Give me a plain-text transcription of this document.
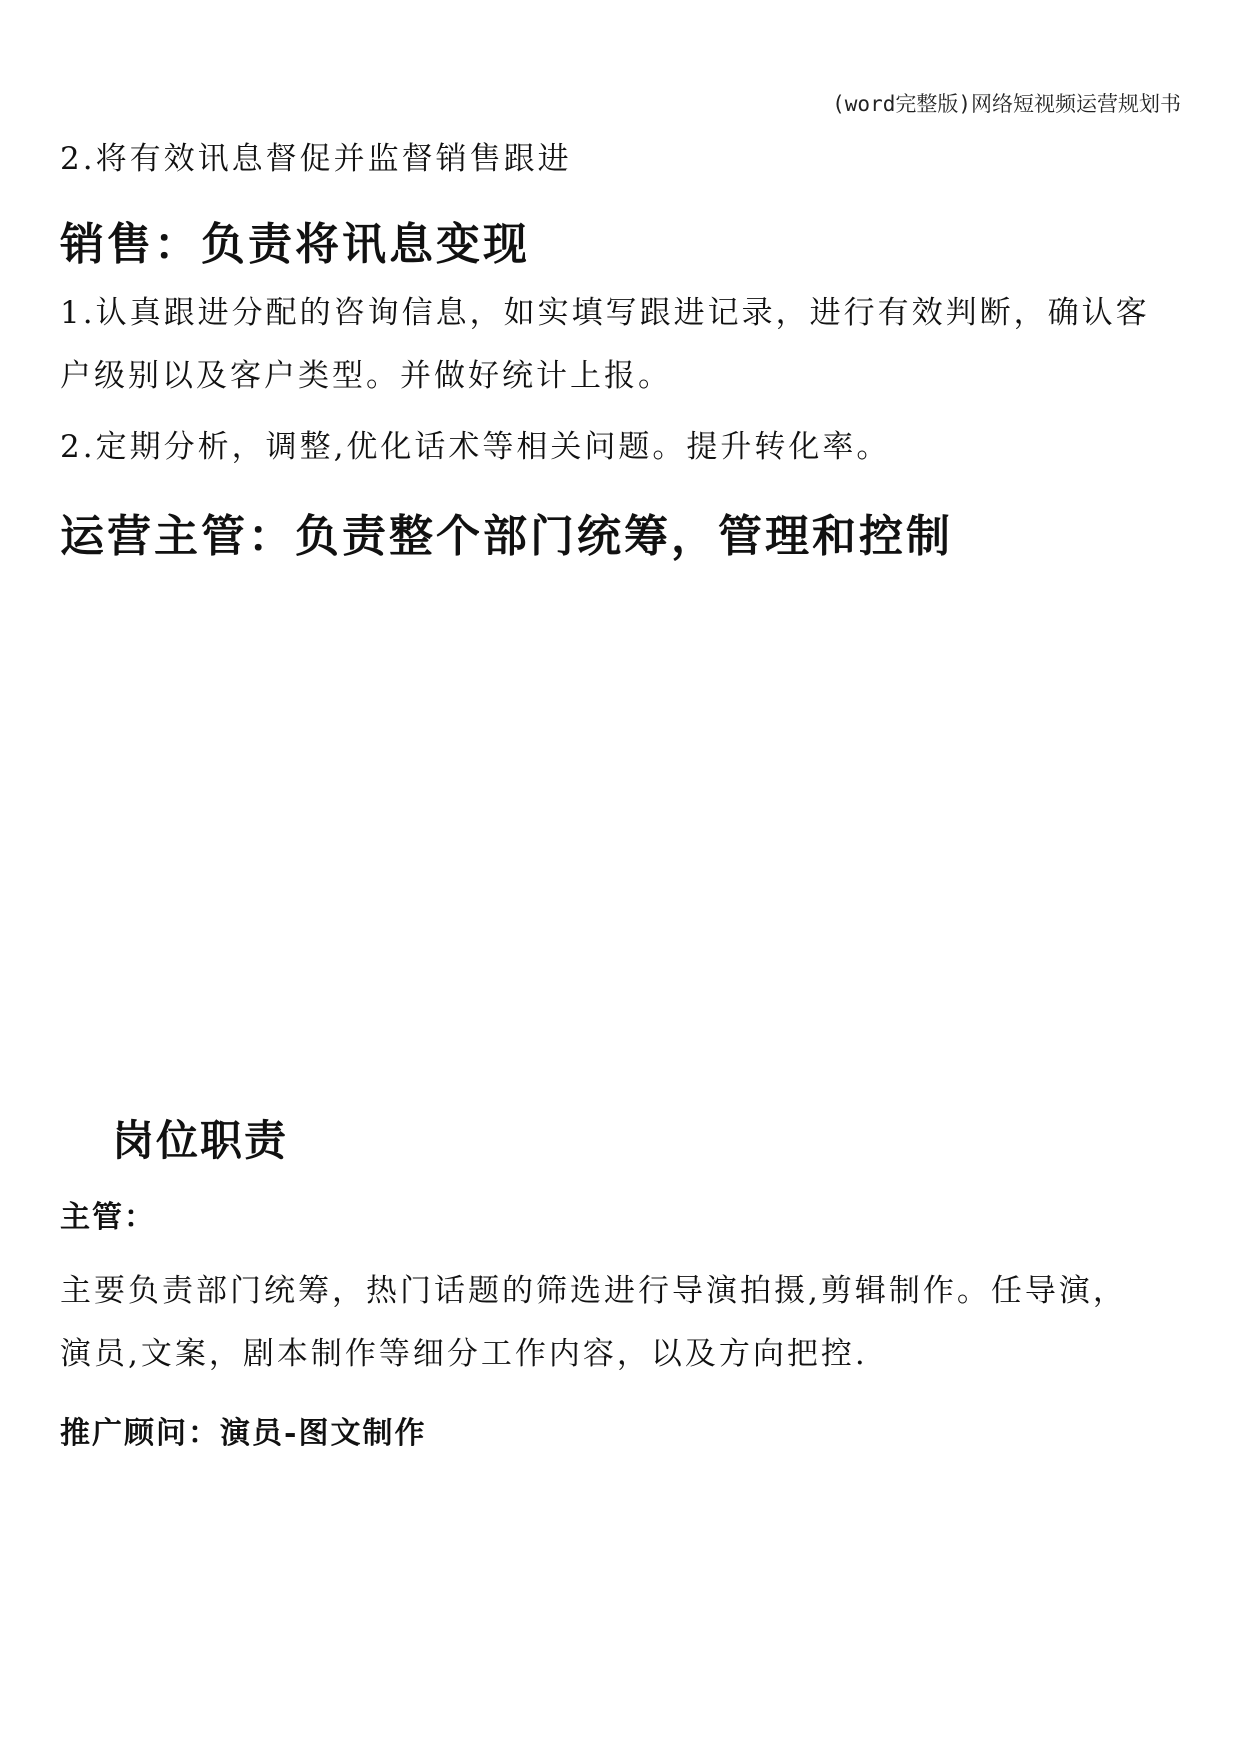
(word完整版)网络短视频运营规划书

2.将有效讯息督促并监督销售跟进

销售：负责将讯息变现

1.认真跟进分配的咨询信息，如实填写跟进记录，进行有效判断，确认客

户级别以及客户类型。并做好统计上报。

2.定期分析，调整,优化话术等相关问题。提升转化率。

运营主管：负责整个部门统筹，管理和控制
岗位职责
主管：

主要负责部门统筹，热门话题的筛选进行导演拍摄,剪辑制作。任导演，

演员,文案，剧本制作等细分工作内容，以及方向把控.

推广顾问：演员-图文制作
